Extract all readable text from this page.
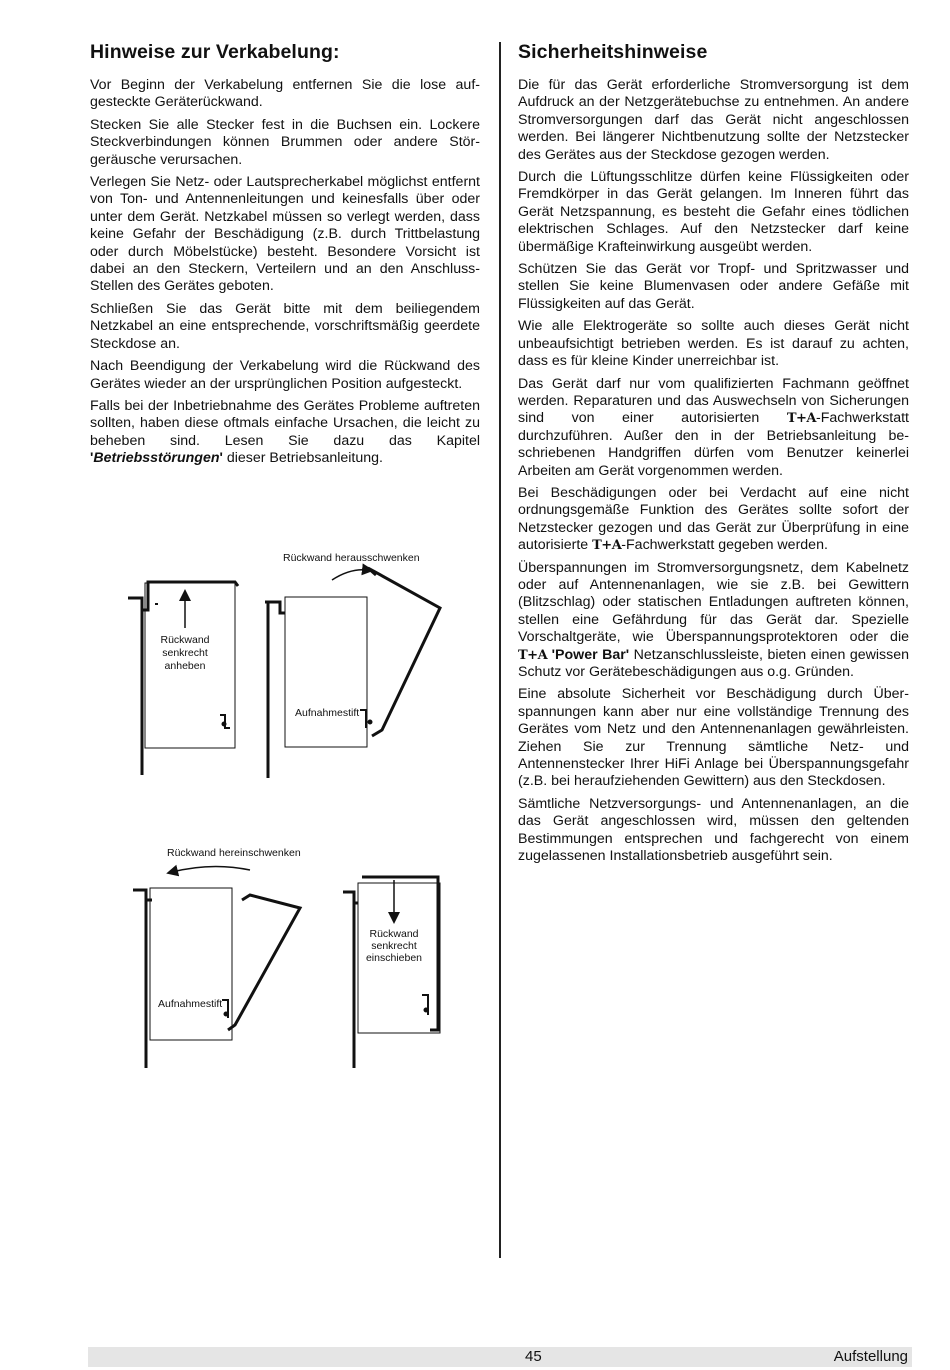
Hinweise zur Verkabelung:

Vor Beginn der Verkabelung entfernen Sie die lose aufgesteckte Geräterückwand.

Stecken Sie alle Stecker fest in die Buchsen ein. Lockere Steckverbindungen können Brummen oder andere Störgeräusche verursachen.

Verlegen Sie Netz- oder Lautsprecherkabel möglichst entfernt von Ton- und Antennenleitungen und keinesfalls über oder unter dem Gerät. Netzkabel müssen so verlegt werden, dass keine Gefahr der Beschädigung (z.B. durch Trittbelastung oder durch Möbelstücke) besteht. Besondere Vorsicht ist dabei an den Steckern, Verteilern und an den Anschluss-Stellen des Gerätes geboten.

Schließen Sie das Gerät bitte mit dem beiliegendem Netzkabel an eine entsprechende, vorschriftsmäßig geerdete Steckdose an.

Nach Beendigung der Verkabelung wird die Rückwand des Gerätes wieder an der ursprünglichen Position aufgesteckt.

Falls bei der Inbetriebnahme des Gerätes Probleme auftreten sollten, haben diese oftmals einfache Ursachen, die leicht zu beheben sind. Lesen Sie dazu das Kapitel 'Betriebsstörungen' dieser Betriebsanleitung.

Rückwand
senkrecht
anheben
Rückwand herausschwenken
Aufnahmestift
Rückwand hereinschwenken
Aufnahmestift
Rückwand
senkrecht
einschieben
Sicherheitshinweise

Die für das Gerät erforderliche Stromversorgung ist dem Aufdruck an der Netzgerätebuchse zu entnehmen. An andere Stromversorgungen darf das Gerät nicht angeschlossen werden. Bei längerer Nichtbenutzung sollte der Netzstecker des Gerätes aus der Steckdose gezogen werden.

Durch die Lüftungsschlitze dürfen keine Flüssigkeiten oder Fremdkörper in das Gerät gelangen. Im Inneren führt das Gerät Netzspannung, es besteht die Gefahr eines tödlichen elektrischen Schlages. Auf den Netzstecker darf keine übermäßige Krafteinwirkung ausgeübt werden.

Schützen Sie das Gerät vor Tropf- und Spritzwasser und stellen Sie keine Blumenvasen oder andere Gefäße mit Flüssigkeiten auf das Gerät.

Wie alle Elektrogeräte so sollte auch dieses Gerät nicht unbeaufsichtigt betrieben werden. Es ist darauf zu achten, dass es für kleine Kinder unerreichbar ist.

Das Gerät darf nur vom qualifizierten Fachmann geöffnet werden. Reparaturen und das Auswechseln von Sicherungen sind von einer autorisierten T+A-Fachwerkstatt durchzuführen. Außer den in der Betriebsanleitung beschriebenen Handgriffen dürfen vom Benutzer keinerlei Arbeiten am Gerät vorgenommen werden.

Bei Beschädigungen oder bei Verdacht auf eine nicht ordnungsgemäße Funktion des Gerätes sollte sofort der Netzstecker gezogen und das Gerät zur Überprüfung in eine autorisierte T+A-Fachwerkstatt gegeben werden.

Überspannungen im Stromversorgungsnetz, dem Kabelnetz oder auf Antennenanlagen, wie sie z.B. bei Gewittern (Blitzschlag) oder statischen Entladungen auftreten können, stellen eine Gefährdung für das Gerät dar. Spezielle Vorschaltgeräte, wie Überspannungsprotektoren oder die T+A 'Power Bar' Netzanschlussleiste, bieten einen gewissen Schutz vor Gerätebeschädigungen aus o.g. Gründen.

Eine absolute Sicherheit vor Beschädigung durch Überspannungen kann aber nur eine vollständige Trennung des Gerätes vom Netz und den Antennenanlagen gewährleisten. Ziehen Sie zur Trennung sämtliche Netz- und Antennenstecker Ihrer HiFi Anlage bei Überspannungsgefahr (z.B. bei heraufziehenden Gewittern) aus den Steckdosen.

Sämtliche Netzversorgungs- und Antennenanlagen, an die das Gerät angeschlossen wird, müssen den geltenden Bestimmungen entsprechen und fachgerecht von einem zugelassenen Installationsbetrieb ausgeführt sein.

45	Aufstellung
